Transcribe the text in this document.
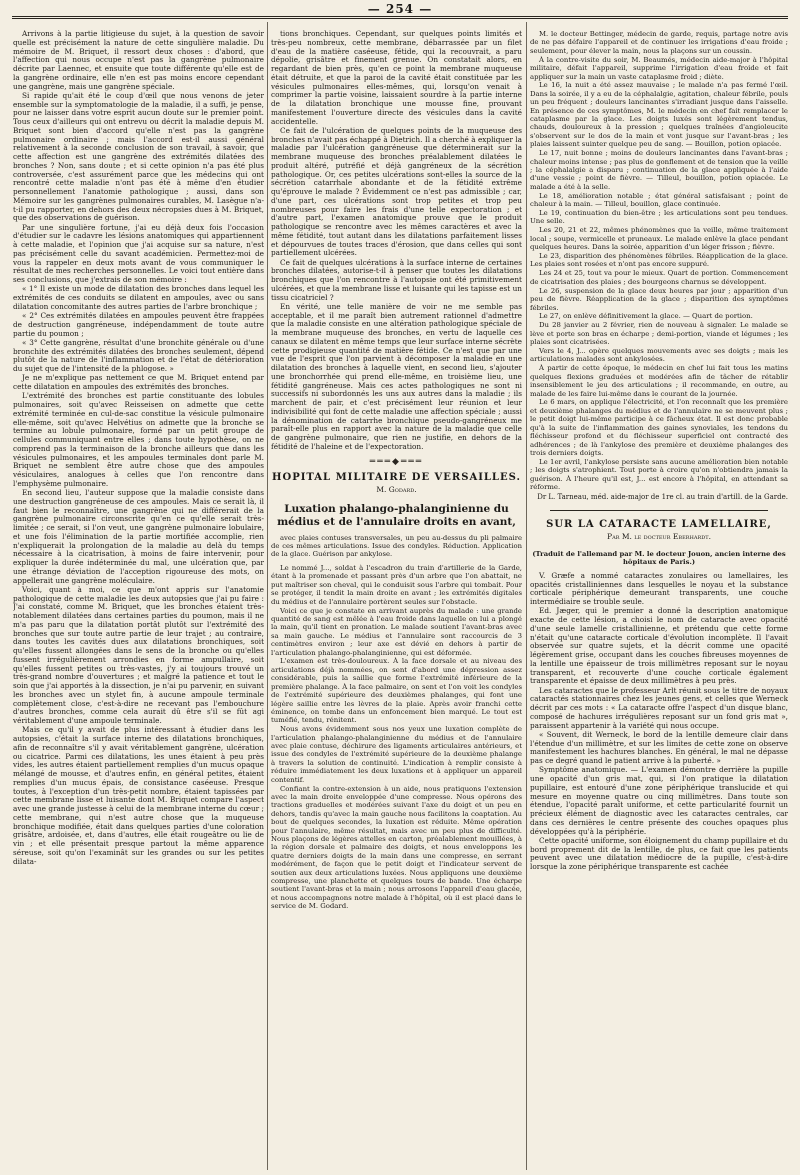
— 254 —

Arrivons à la partie litigieuse du sujet, à la question de savoir quelle est précisément la nature de cette singulière maladie. Du mémoire de M. Briquet, il ressort deux choses : d'abord, que l'affection qui nous occupe n'est pas la gangrène pulmonaire décrite par Laennec, et ensuite que toute différente qu'elle est de la gangrène ordinaire, elle n'en est pas moins encore cependant une gangrène, mais une gangrène spéciale.

Si rapide qu'ait été le coup d'œil que nous venons de jeter ensemble sur la symptomatologie de la maladie, il a suffi, je pense, pour ne laisser dans votre esprit aucun doute sur le premier point. Tous ceux d'ailleurs qui ont entrevu ou décrit la maladie depuis M. Briquet sont bien d'accord qu'elle n'est pas la gangrène pulmonaire ordinaire ; mais l'accord est-il aussi général relativement à la seconde conclusion de son travail, à savoir, que cette affection est une gangrène des extrémités dilatées des bronches ? Non, sans doute ; et si cette opinion n'a pas été plus controversée, c'est assurément parce que les médecins qui ont rencontré cette maladie n'ont pas été à même d'en étudier personnellement l'anatomie pathologique ; aussi, dans son Mémoire sur les gangrènes pulmonaires curables, M. Lasègue n'a-t-il pu rapporter, en dehors des deux nécropsies dues à M. Briquet, que des observations de guérison.

Par une singulière fortune, j'ai eu déjà deux fois l'occasion d'étudier sur le cadavre les lésions anatomiques qui appartiennent à cette maladie, et l'opinion que j'ai acquise sur sa nature, n'est pas précisément celle du savant académicien. Permettez-moi de vous la rappeler en deux mots avant de vous communiquer le résultat de mes recherches personnelles. Le voici tout entière dans ses conclusions, que j'extrais de son mémoire :

« 1° Il existe un mode de dilatation des bronches dans lequel les extrémités de ces conduits se dilatent en ampoules, avec ou sans dilatation concomitante des autres parties de l'arbre bronchique ;

« 2° Ces extrémités dilatées en ampoules peuvent être frappées de destruction gangréneuse, indépendamment de toute autre partie du poumon ;

« 3° Cette gangrène, résultat d'une bronchite générale ou d'une bronchite des extrémités dilatées des bronches seulement, dépend plutôt de la nature de l'inflammation et de l'état de détérioration du sujet que de l'intensité de la phlogose. »

Je ne m'explique pas nettement ce que M. Briquet entend par cette dilatation en ampoules des extrémités des bronches.

L'extrémité des bronches est partie constituante des lobules pulmonaires, soit qu'avec Reisseisen on admette que cette extrémité terminée en cul-de-sac constitue la vésicule pulmonaire elle-même, soit qu'avec Helvétius on admette que la bronche se termine au lobule pulmonaire, formé par un petit groupe de cellules communiquant entre elles ; dans toute hypothèse, on ne comprend pas la terminaison de la bronche ailleurs que dans les vésicules pulmonaires, et les ampoules terminales dont parle M. Briquet ne semblent être autre chose que des ampoules vésiculaires, analogues à celles que l'on rencontre dans l'emphysème pulmonaire.

En second lieu, l'auteur suppose que la maladie consiste dans une destruction gangréneuse de ces ampoules. Mais ce serait là, il faut bien le reconnaître, une gangrène qui ne différerait de la gangrène pulmonaire circonscrite qu'en ce qu'elle serait très-limitée ; ce serait, si l'on veut, une gangrène pulmonaire lobulaire, et une fois l'élimination de la partie mortifiée accomplie, rien n'expliquerait la prolongation de la maladie au delà du temps nécessaire à la cicatrisation, à moins de faire intervenir, pour expliquer la durée indéterminée du mal, une ulcération que, par une étrange déviation de l'acception rigoureuse des mots, on appellerait une gangrène moléculaire.

Voici, quant à moi, ce que m'ont appris sur l'anatomie pathologique de cette maladie les deux autopsies que j'ai pu faire : J'ai constaté, comme M. Briquet, que les bronches étaient très-notablement dilatées dans certaines parties du poumon, mais il ne m'a pas paru que la dilatation portât plutôt sur l'extrémité des bronches que sur toute autre partie de leur trajet ; au contraire, dans toutes les cavités dues aux dilatations bronchiques, soit qu'elles fussent allongées dans le sens de la bronche ou qu'elles fussent irrégulièrement arrondies en forme ampullaire, soit qu'elles fussent petites ou très-vastes, j'y ai toujours trouvé un très-grand nombre d'ouvertures ; et malgré la patience et tout le soin que j'ai apportés à la dissection, je n'ai pu parvenir, en suivant les bronches avec un stylet fin, à aucune ampoule terminale complètement close, c'est-à-dire ne recevant pas l'embouchure d'autres bronches, comme cela aurait dû être s'il se fût agi véritablement d'une ampoule terminale.

Mais ce qu'il y avait de plus intéressant à étudier dans les autopsies, c'était la surface interne des dilatations bronchiques, afin de reconnaître s'il y avait véritablement gangrène, ulcération ou cicatrice. Parmi ces dilatations, les unes étaient à peu près vides, les autres étaient partiellement remplies d'un mucus opaque mélangé de mousse, et d'autres enfin, en général petites, étaient remplies d'un mucus épais, de consistance caséeuse. Presque toutes, à l'exception d'un très-petit nombre, étaient tapissées par cette membrane lisse et luisante dont M. Briquet compare l'aspect avec une grande justesse à celui de la membrane interne du cœur ; cette membrane, qui n'est autre chose que la muqueuse bronchique modifiée, était dans quelques parties d'une coloration grisâtre, ardoisée, et, dans d'autres, elle était rougeâtre ou lie de vin ; et elle présentait presque partout la même apparence séreuse, soit qu'on l'examinât sur les grandes ou sur les petites dilata-

tions bronchiques. Cependant, sur quelques points limités et très-peu nombreux, cette membrane, débarrassée par un filet d'eau de la matière caséeuse, fétide, qui la recouvrait, a paru dépolie, grisâtre et finement grenue. On constatait alors, en regardant de bien près, qu'en ce point la membrane muqueuse était détruite, et que la paroi de la cavité était constituée par les vésicules pulmonaires elles-mêmes, qui, lorsqu'on venait à comprimer la partie voisine, laissaient sourdre à la partie interne de la dilatation bronchique une mousse fine, prouvant manifestement l'ouverture directe des vésicules dans la cavité accidentelle.

Ce fait de l'ulcération de quelques points de la muqueuse des bronches n'avait pas échappé à Dietrich. Il a cherché à expliquer la maladie par l'ulcération gangréneuse que déterminerait sur la membrane muqueuse des bronches préalablement dilatées le produit altéré, putréfié et déjà gangréneux de la sécrétion pathologique. Or, ces petites ulcérations sont-elles la source de la sécrétion catarrhale abondante et de la fétidité extrême qu'éprouve le malade ? Évidemment ce n'est pas admissible ; car, d'une part, ces ulcérations sont trop petites et trop peu nombreuses pour faire les frais d'une telle expectoration ; et d'autre part, l'examen anatomique prouve que le produit pathologique se rencontre avec les mêmes caractères et avec la même fétidité, tout autant dans les dilatations parfaitement lisses et dépourvues de toutes traces d'érosion, que dans celles qui sont partiellement ulcérées.

Ce fait de quelques ulcérations à la surface interne de certaines bronches dilatées, autorise-t-il à penser que toutes les dilatations bronchiques que l'on rencontre à l'autopsie ont été primitivement ulcérées, et que la membrane lisse et luisante qui les tapisse est un tissu cicatriciel ?

En vérité, une telle manière de voir ne me semble pas acceptable, et il me paraît bien autrement rationnel d'admettre que la maladie consiste en une altération pathologique spéciale de la membrane muqueuse des bronches, en vertu de laquelle ces canaux se dilatent en même temps que leur surface interne sécrète cette prodigieuse quantité de matière fétide. Ce n'est que par une vue de l'esprit que l'on parvient à décomposer la maladie en une dilatation des bronches à laquelle vient, en second lieu, s'ajouter une bronchorrhée qui prend elle-même, en troisième lieu, une fétidité gangréneuse. Mais ces actes pathologiques ne sont ni successifs ni subordonnés les uns aux autres dans la maladie ; ils marchent de pair, et c'est précisément leur réunion et leur indivisibilité qui font de cette maladie une affection spéciale ; aussi la dénomination de catarrhe bronchique pseudo-gangréneux me paraît-elle plus en rapport avec la nature de la maladie que celle de gangrène pulmonaire, que rien ne justifie, en dehors de la fétidité de l'haleine et de l'expectoration.

═══◆═══
HOPITAL MILITAIRE DE VERSAILLES.
M. Godard.
Luxation phalango-phalanginienne du médius et de l'annulaire droits en avant,
avec plaies contuses transversales, un peu au-dessus du pli palmaire de ces mêmes articulations. Issue des condyles. Réduction. Application de la glace. Guérison par ankylose.

Le nommé J..., soldat à l'escadron du train d'artillerie de la Garde, étant à la promenade et passant près d'un arbre que l'on abattait, ne put maîtriser son cheval, qui le conduisit sous l'arbre qui tombait. Pour se protéger, il tendit la main droite en avant ; les extrémités digitales du médius et de l'annulaire portèrent seules sur l'obstacle.

Voici ce que je constate en arrivant auprès du malade : une grande quantité de sang est mêlée à l'eau froide dans laquelle on lui a plongé la main, qu'il tient en pronation. Le malade soutient l'avant-bras avec sa main gauche. Le médius et l'annulaire sont raccourcis de 3 centimètres environ ; leur axe est dévié en dehors à partir de l'articulation phalango-phalanginienne, qui est déformée.

L'examen est très-douloureux. À la face dorsale et au niveau des articulations déjà nommées, on sent d'abord une dépression assez considérable, puis la saillie que forme l'extrémité inférieure de la première phalange. À la face palmaire, on sent et l'on voit les condyles de l'extrémité supérieure des deuxièmes phalanges, qui font une légère saillie entre les lèvres de la plaie. Après avoir franchi cette éminence, on tombe dans un enfoncement bien marqué. Le tout est tuméfié, tendu, rénitent.

Nous avons évidemment sous nos yeux une luxation complète de l'articulation phalango-phalanginienne du médius et de l'annulaire avec plaie contuse, déchirure des ligaments articulaires antérieurs, et issue des condyles de l'extrémité supérieure de la deuxième phalange à travers la solution de continuité. L'indication à remplir consiste à réduire immédiatement les deux luxations et à appliquer un appareil contentif.

Confiant la contre-extension à un aide, nous pratiquons l'extension avec la main droite enveloppée d'une compresse. Nous opérons des tractions graduelles et modérées suivant l'axe du doigt et un peu en dehors, tandis qu'avec la main gauche nous facilitons la coaptation. Au bout de quelques secondes, la luxation est réduite. Même opération pour l'annulaire, même résultat, mais avec un peu plus de difficulté. Nous plaçons de légères attelles en carton, préalablement mouillées, à la région dorsale et palmaire des doigts, et nous enveloppons les quatre derniers doigts de la main dans une compresse, en serrant modérément, de façon que le petit doigt et l'indicateur servent de soutien aux deux articulations luxées. Nous appliquons une deuxième compresse, une planchette et quelques tours de bande. Une écharpe soutient l'avant-bras et la main ; nous arrosons l'appareil d'eau glacée, et nous accompagnons notre malade à l'hôpital, où il est placé dans le service de M. Godard.

M. le docteur Bettinger, médecin de garde, requis, partage notre avis de ne pas défaire l'appareil et de continuer les irrigations d'eau froide ; seulement, pour élever la main, nous la plaçons sur un coussin.

À la contre-visite du soir, M. Beaumés, médecin aide-major à l'hôpital militaire, défait l'appareil, supprime l'irrigation d'eau froide et fait appliquer sur la main un vaste cataplasme froid ; diète.

Le 16, la nuit a été assez mauvaise ; le malade n'a pas fermé l'œil. Dans la soirée, il y a eu de la céphalalgie, agitation, chaleur fébrile, pouls un peu fréquent ; douleurs lancinantes s'irradiant jusque dans l'aisselle. En présence de ces symptômes, M. le médecin en chef fait remplacer le cataplasme par la glace. Les doigts luxés sont légèrement tendus, chauds, douloureux à la pression ; quelques traînées d'angioleucite s'observent sur le dos de la main et vont jusque sur l'avant-bras ; les plaies laissent suinter quelque peu de sang. — Bouillon, potion opiacée.

Le 17, nuit bonne ; moins de douleurs lancinantes dans l'avant-bras ; chaleur moins intense ; pas plus de gonflement et de tension que la veille ; la céphalalgie a disparu ; continuation de la glace appliquée à l'aide d'une vessie ; point de fièvre. — Tilleul, bouillon, potion opiacée. Le malade a été à la selle.

Le 18, amélioration notable ; état général satisfaisant ; point de chaleur à la main. — Tilleul, bouillon, glace continuée.

Le 19, continuation du bien-être ; les articulations sont peu tendues. Une selle.

Les 20, 21 et 22, mêmes phénomènes que la veille, même traitement local ; soupe, vermicelle et pruneaux. Le malade enlève la glace pendant quelques heures. Dans la soirée, apparition d'un léger frisson ; fièvre.

Le 23, disparition des phénomènes fébriles. Réapplication de la glace. Les plaies sont rosées et n'ont pas encore suppuré.

Les 24 et 25, tout va pour le mieux. Quart de portion. Commencement de cicatrisation des plaies ; des bourgeons charnus se développent.

Le 26, suspension de la glace deux heures par jour ; apparition d'un peu de fièvre. Réapplication de la glace ; disparition des symptômes fébriles.

Le 27, on enlève définitivement la glace. — Quart de portion.

Du 28 janvier au 2 février, rien de nouveau à signaler. Le malade se lève et porte son bras en écharpe ; demi-portion, viande et légumes ; les plaies sont cicatrisées.

Vers le 4, J... opère quelques mouvements avec ses doigts ; mais les articulations malades sont ankylosées.

À partir de cette époque, le médecin en chef lui fait tous les matins quelques flexions graduées et modérées afin de tâcher de rétablir insensiblement le jeu des articulations ; il recommande, en outre, au malade de les faire lui-même dans le courant de la journée.

Le 6 mars, on applique l'électricité, et l'on reconnaît que les première et deuxième phalanges du médius et de l'annulaire ne se meuvent plus ; le petit doigt lui-même participe à ce fâcheux état. Il est donc probable qu'à la suite de l'inflammation des gaines synoviales, les tendons du fléchisseur profond et du fléchisseur superficiel ont contracté des adhérences ; de là l'ankylose des première et deuxième phalanges des trois derniers doigts.

Le 1er avril, l'ankylose persiste sans aucune amélioration bien notable ; les doigts s'atrophient. Tout porte à croire qu'on n'obtiendra jamais la guérison. À l'heure qu'il est, J... est encore à l'hôpital, en attendant sa réforme.

Dr L. Tarneau, méd. aide-major de 1re cl. au train d'artill. de la Garde.
SUR LA CATARACTE LAMELLAIRE,
Par M. le docteur Eberhardt.
(Traduit de l'allemand par M. le docteur Jouon, ancien interne des hôpitaux de Paris.)

V. Græfe a nommé cataractes zonulaires ou lamellaires, les opacités cristalliniennes dans lesquelles le noyau et la substance corticale périphérique demeurant transparents, une couche intermédiaire se trouble seule.

Ed. Jæger, qui le premier a donné la description anatomique exacte de cette lésion, a choisi le nom de cataracte avec opacité d'une seule lamelle cristallinienne, et prétendu que cette forme n'était qu'une cataracte corticale d'évolution incomplète. Il l'avait observée sur quatre sujets, et la décrit comme une opacité légèrement grise, occupant dans les couches fibreuses moyennes de la lentille une épaisseur de trois millimètres reposant sur le noyau transparent, et recouverte d'une couche corticale également transparente et épaisse de deux millimètres à peu près.

Les cataractes que le professeur Arlt réunit sous le titre de noyaux cataractés stationnaires chez les jeunes gens, et celles que Werneck décrit par ces mots : « La cataracte offre l'aspect d'un disque blanc, composé de hachures irrégulières reposant sur un fond gris mat », paraissent appartenir à la variété qui nous occupe.

« Souvent, dit Werneck, le bord de la lentille demeure clair dans l'étendue d'un millimètre, et sur les limites de cette zone on observe manifestement les hachures blanches. En général, le mal ne dépasse pas ce degré quand le patient arrive à la puberté. »

Symptôme anatomique. — L'examen démontre derrière la pupille une opacité d'un gris mat, qui, si l'on pratique la dilatation pupillaire, est entouré d'une zone périphérique translucide et qui mesure en moyenne quatre ou cinq millimètres. Dans toute son étendue, l'opacité paraît uniforme, et cette particularité fournit un précieux élément de diagnostic avec les cataractes centrales, car dans ces dernières le centre présente des couches opaques plus développées qu'à la périphérie.

Cette opacité uniforme, son éloignement du champ pupillaire et du bord proprement dit de la lentille, de plus, ce fait que les patients peuvent avec une dilatation médiocre de la pupille, c'est-à-dire lorsque la zone périphérique transparente est cachée
